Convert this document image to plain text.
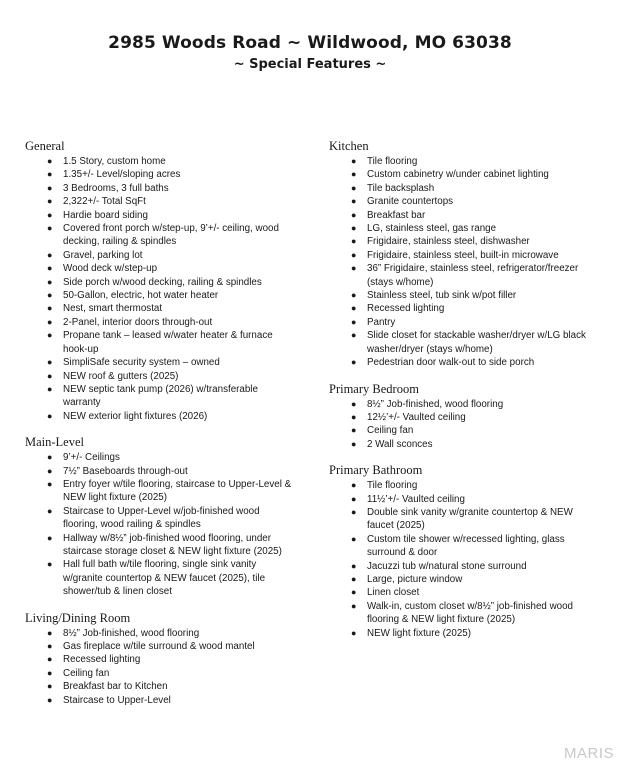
2985 Woods Road ~ Wildwood, MO 63038
~ Special Features ~
General
● 1.5 Story, custom home
● 1.35+/- Level/sloping acres
● 3 Bedrooms, 3 full baths
● 2,322+/- Total SqFt
● Hardie board siding
● Covered front porch w/step-up, 9’+/- ceiling, wood decking, railing & spindles
● Gravel, parking lot
● Wood deck w/step-up
● Side porch w/wood decking, railing & spindles
● 50-Gallon, electric, hot water heater
● Nest, smart thermostat
● 2-Panel, interior doors through-out
● Propane tank – leased w/water heater & furnace hook-up
● SimpliSafe security system – owned
● NEW roof & gutters (2025)
● NEW septic tank pump (2026) w/transferable warranty
● NEW exterior light fixtures (2026)
Main-Level
● 9’+/- Ceilings
● 7½” Baseboards through-out
● Entry foyer w/tile flooring, staircase to Upper-Level & NEW light fixture (2025)
● Staircase to Upper-Level w/job-finished wood flooring, wood railing & spindles
● Hallway w/8½” job-finished wood flooring, under staircase storage closet & NEW light fixture (2025)
● Hall full bath w/tile flooring, single sink vanity w/granite countertop & NEW faucet (2025), tile shower/tub & linen closet
Living/Dining Room
● 8½” Job-finished, wood flooring
● Gas fireplace w/tile surround & wood mantel
● Recessed lighting
● Ceiling fan
● Breakfast bar to Kitchen
● Staircase to Upper-Level
Kitchen
● Tile flooring
● Custom cabinetry w/under cabinet lighting
● Tile backsplash
● Granite countertops
● Breakfast bar
● LG, stainless steel, gas range
● Frigidaire, stainless steel, dishwasher
● Frigidaire, stainless steel, built-in microwave
● 36” Frigidaire, stainless steel, refrigerator/freezer (stays w/home)
● Stainless steel, tub sink w/pot filler
● Recessed lighting
● Pantry
● Slide closet for stackable washer/dryer w/LG black washer/dryer (stays w/home)
● Pedestrian door walk-out to side porch
Primary Bedroom
● 8½” Job-finished, wood flooring
● 12½’+/- Vaulted ceiling
● Ceiling fan
● 2 Wall sconces
Primary Bathroom
● Tile flooring
● 11½’+/- Vaulted ceiling
● Double sink vanity w/granite countertop & NEW faucet (2025)
● Custom tile shower w/recessed lighting, glass surround & door
● Jacuzzi tub w/natural stone surround
● Large, picture window
● Linen closet
● Walk-in, custom closet w/8½” job-finished wood flooring & NEW light fixture (2025)
● NEW light fixture (2025)
MARIS
